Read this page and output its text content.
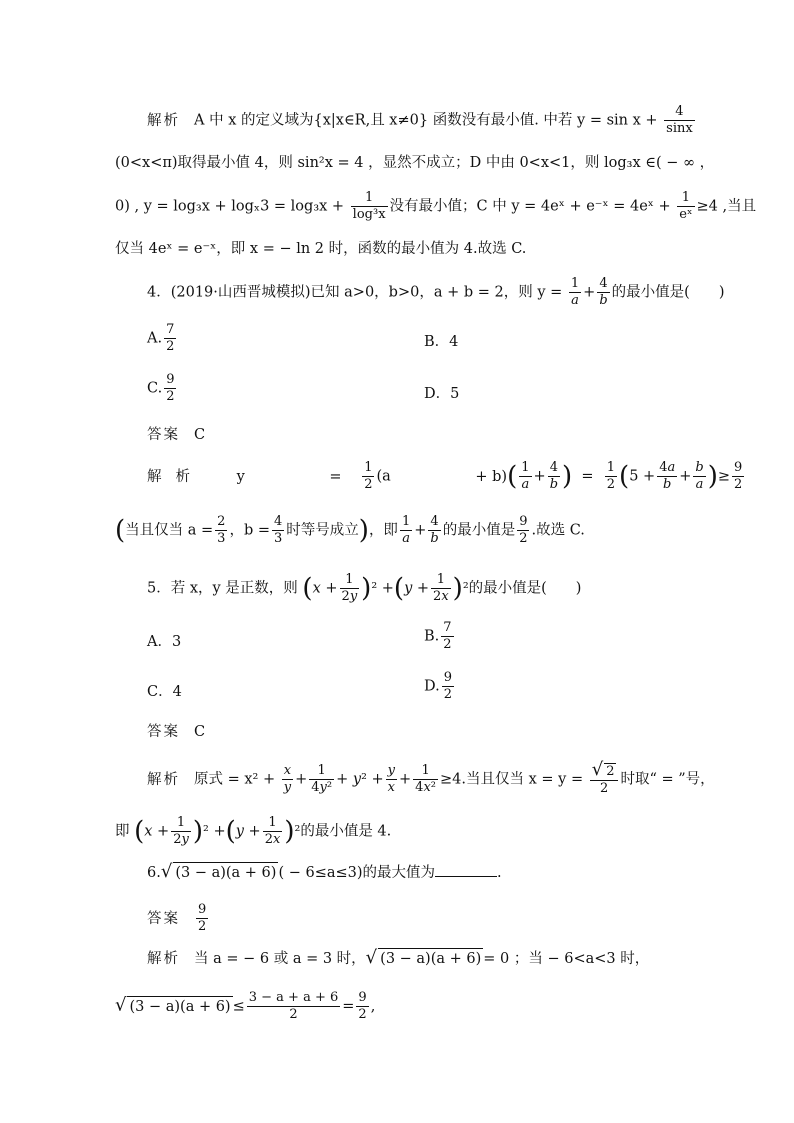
解析 A 中 x 的定义域为{x|x∈R,且 x≠0} 函数没有最小值. 中若 $y = \sin x + \frac{4}{\sin x}$
(0<x<π)取得最小值 4，则 sin²x = 4 ，显然不成立；D 中由 0<x<1，则 log₃x ∈( − ∞ ，
0) , $y = \log_3x + \log_x3 = \log_3x + \frac{1}{\text{log³x}}$ 没有最小值；C 中 y = 4eˣ + e⁻ˣ = 4eˣ + $\frac{1}{\text{eˣ}} \ge 4$ ,当且
仅当 4eˣ = e⁻ˣ，即 x = − ln 2 时，函数的最小值为 4.故选 C.
4．(2019·山西晋城模拟)已知 a>0，b>0，a + b = 2，则 $y = \frac{1}{a} + \frac{4}{b}$ 的最小值是(　　)
A. $\frac{7}{2}$	B．4
C. $\frac{9}{2}$	D．5
答案 C
解析 y	= $\frac{1}{2} (a$	+ $b)( \frac{1}{a} + \frac{4}{b}$ )  = $\frac{1}{2} (5 + \frac{4a}{b} + \frac{b}{a}$ )≥ $\frac{9}{2}$
(当且仅当 $a = \frac{2}{3}$ ，$b = \frac{4}{3}$ 时等号成立)，即 $\frac{1}{a} + \frac{4}{b}$ 的最小值是 $\frac{9}{2}$ .故选 C.
5．若 x，y 是正数，则 $(x + \frac{1}{2y} )^2 +(y + \frac{1}{2x} )^2$的最小值是(　　)
A．3	B. $\frac{7}{2}$
C．4	D. $\frac{9}{2}$
答案 C
解析 原式 = $x^2 + \frac{x}{y} + \frac{1}{\text{4y²}} + y^2 + \frac{y}{x} + \frac{1}{\text{4x²}} \ge 4$.当且仅当 $x = y = \frac{√ 2}{2}$ 时取“ = ”号，
即 $(x + \frac{1}{2y} )^2 +(y + \frac{1}{2x} )^2$的最小值是 4.
6.√ (3 − a)(a + 6) ( − 6≤a≤3)的最大值为	.
答案 $\frac{9}{2}$
解析 当 a = − 6 或 a = 3 时，√ (3 − a)(a + 6) = 0 ；当 − 6<a<3 时，
√ $(3 - a)(a + 6) \le \frac{3 - a + a + 6}{2} = \frac{9}{2}$ ,
